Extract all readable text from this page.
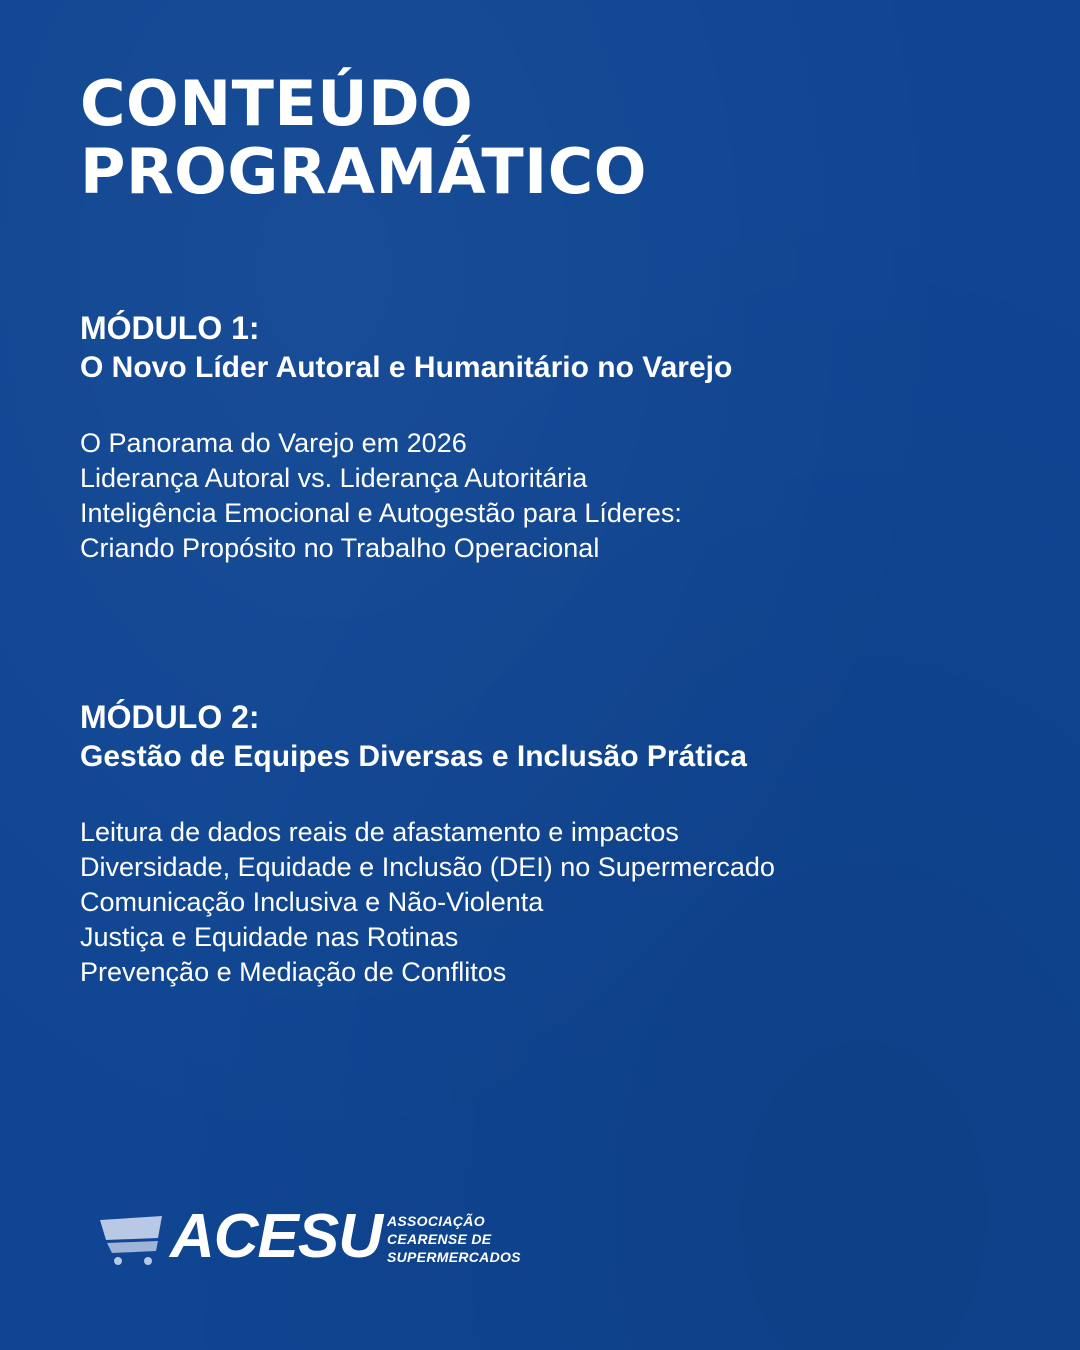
CONTEÚDO
PROGRAMÁTICO
MÓDULO 1:
O Novo Líder Autoral e Humanitário no Varejo
O Panorama do Varejo em 2026
Liderança Autoral vs. Liderança Autoritária
Inteligência Emocional e Autogestão para Líderes:
Criando Propósito no Trabalho Operacional
MÓDULO 2:
Gestão de Equipes Diversas e Inclusão Prática
Leitura de dados reais de afastamento e impactos
Diversidade, Equidade e Inclusão (DEI) no Supermercado
Comunicação Inclusiva e Não-Violenta
Justiça e Equidade nas Rotinas
Prevenção e Mediação de Conflitos
ACESU ASSOCIAÇÃO
CEARENSE DE
SUPERMERCADOS
